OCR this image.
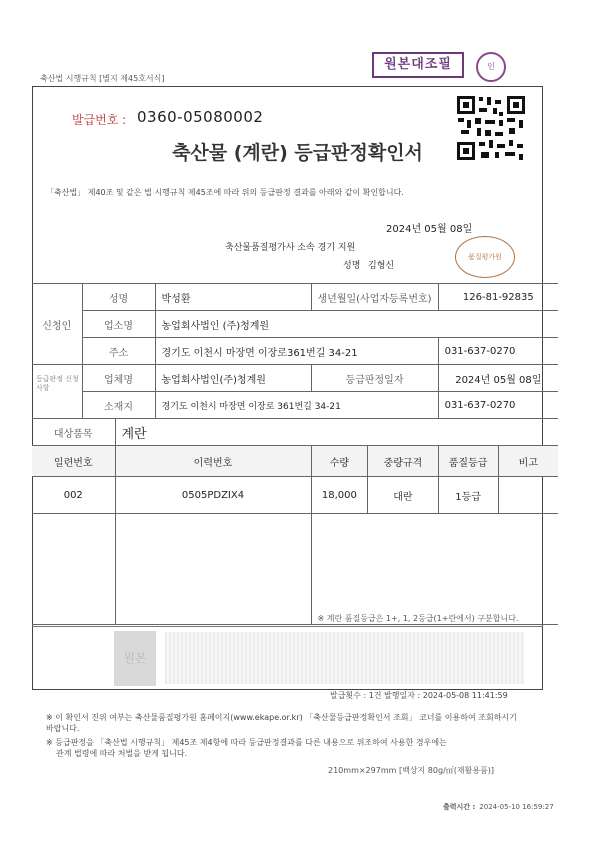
축산법 시행규칙 [별지 제45호서식]
원본대조필	인
발급번호 : 0360-05080002
축산물 (계란) 등급판정확인서
「축산법」 제40조 및 같은 법 시행규칙 제45조에 따라 위의 등급판정 결과를 아래와 같이 확인합니다.
2024년 05월 08일
축산물품질평가사 소속 경기 지원
성명 김형신
품질평가원
등급판정 신청사항
신청인	성명		박성환	생년월일(사업자등록번호)		126-81-92835	
	업소명		농업회사법인 (주)청계원				
	주소		경기도 이천시 마장면 이장로361번길 34-21			031-637-0270	
	업체명		농업회사법인(주)청계원	등급판정일자		2024년 05월 08일	
	소재지		경기도 이천시 마장면 이장로 361번길 34-21			031-637-0270	
대상품목		계란					
일련번호		이력번호		수량	중량규격	품질등급	비고
002		0505PDZIX4		18,000	대란	1등급	
				※ 계란 품질등급은 1+, 1, 2등급(1+란에서) 구분합니다.			
원본
발급횟수 : 1건 발행일자 : 2024-05-08 11:41:59
※ 이 확인서 진위 여부는 축산물품질평가원 홈페이지(www.ekape.or.kr) 「축산물등급판정확인서 조회」 코너를 이용하여 조회하시기 바랍니다.
※ 등급판정을 「축산법 시행규칙」 제45조 제4항에 따라 등급판정결과를 다른 내용으로 위조하여 사용한 경우에는
관계 법령에 따라 처벌을 받게 됩니다.
210mm×297mm [백상지 80g/㎡(재활용품)]
출력시간 : 2024-05-10 16:59:27
